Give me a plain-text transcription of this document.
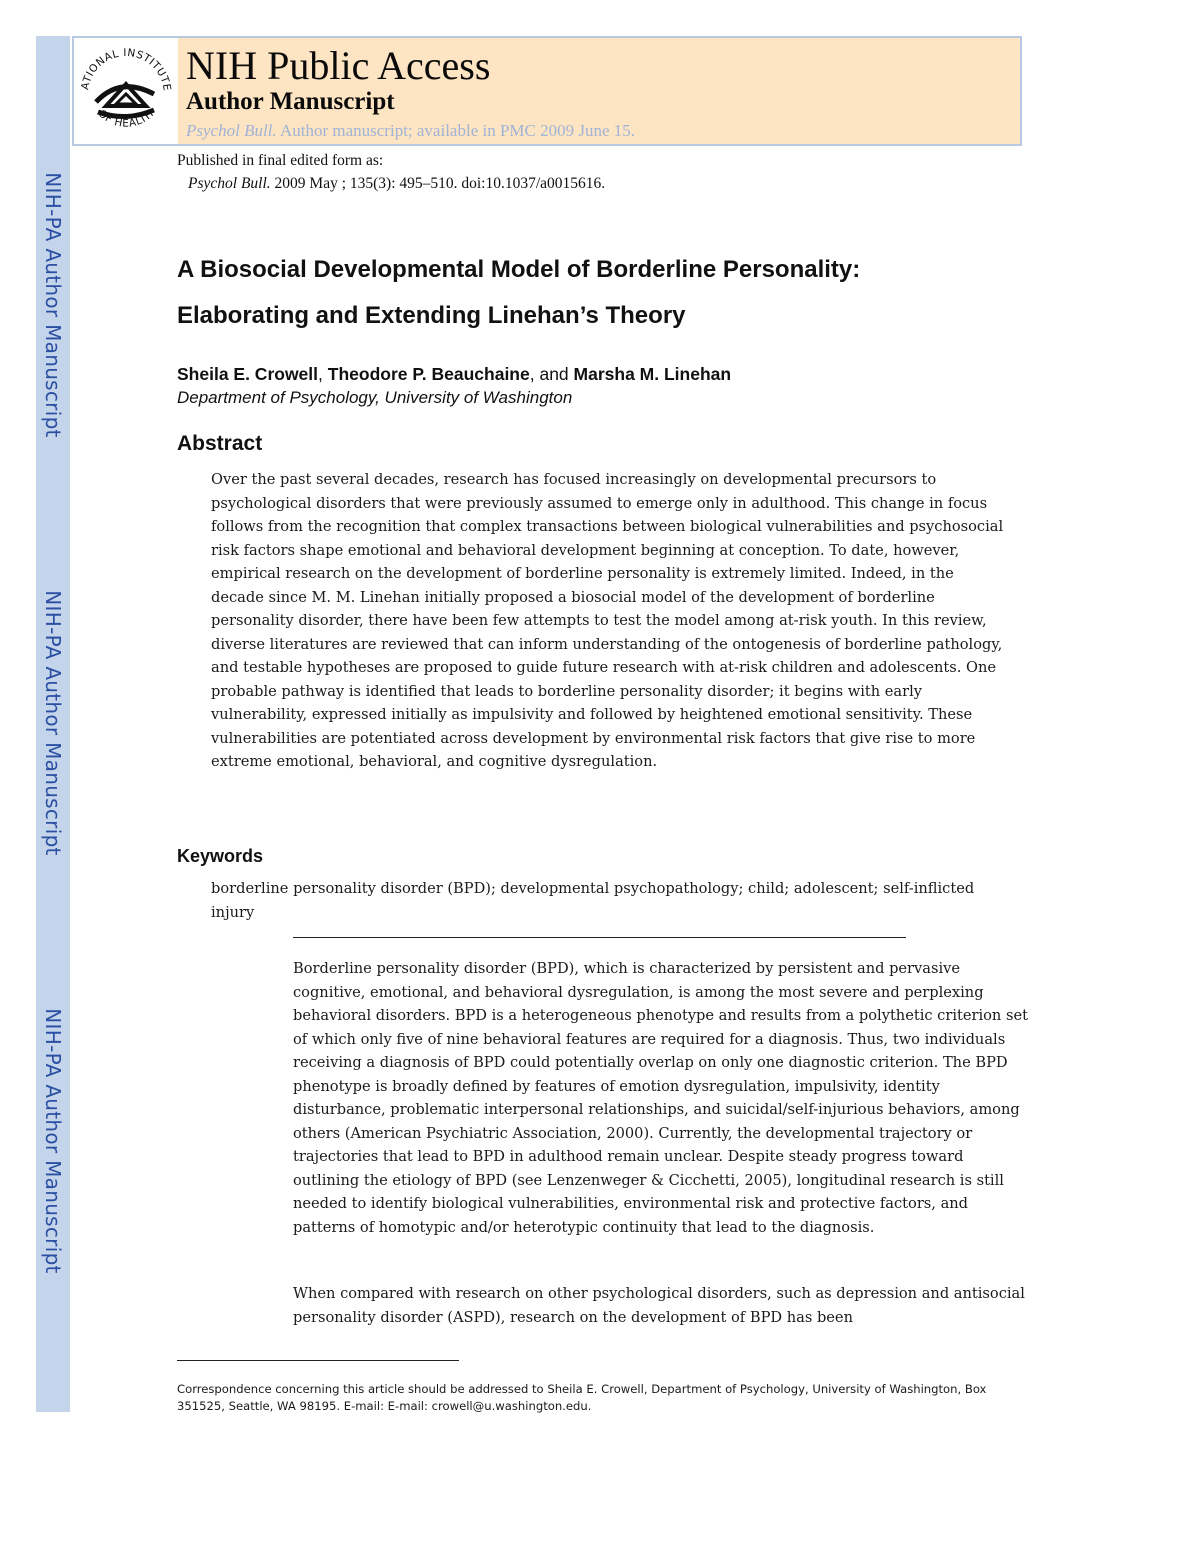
NIH-PA Author Manuscript
NIH-PA Author Manuscript
NIH-PA Author Manuscript
ATIONAL INSTITUTE
OF HEALTH
NIH Public Access
Author Manuscript
Psychol Bull. Author manuscript; available in PMC 2009 June 15.
Published in final edited form as:
Psychol Bull. 2009 May ; 135(3): 495–510. doi:10.1037/a0015616.
A Biosocial Developmental Model of Borderline Personality:
Elaborating and Extending Linehan’s Theory
Sheila E. Crowell, Theodore P. Beauchaine, and Marsha M. Linehan
Department of Psychology, University of Washington
Abstract
Over the past several decades, research has focused increasingly on developmental precursors to psychological disorders that were previously assumed to emerge only in adulthood. This change in focus follows from the recognition that complex transactions between biological vulnerabilities and psychosocial risk factors shape emotional and behavioral development beginning at conception. To date, however, empirical research on the development of borderline personality is extremely limited. Indeed, in the decade since M. M. Linehan initially proposed a biosocial model of the development of borderline personality disorder, there have been few attempts to test the model among at-risk youth. In this review, diverse literatures are reviewed that can inform understanding of the ontogenesis of borderline pathology, and testable hypotheses are proposed to guide future research with at-risk children and adolescents. One probable pathway is identified that leads to borderline personality disorder; it begins with early vulnerability, expressed initially as impulsivity and followed by heightened emotional sensitivity. These vulnerabilities are potentiated across development by environmental risk factors that give rise to more extreme emotional, behavioral, and cognitive dysregulation.
Keywords
borderline personality disorder (BPD); developmental psychopathology; child; adolescent; self-inflicted injury
Borderline personality disorder (BPD), which is characterized by persistent and pervasive cognitive, emotional, and behavioral dysregulation, is among the most severe and perplexing behavioral disorders. BPD is a heterogeneous phenotype and results from a polythetic criterion set of which only five of nine behavioral features are required for a diagnosis. Thus, two individuals receiving a diagnosis of BPD could potentially overlap on only one diagnostic criterion. The BPD phenotype is broadly defined by features of emotion dysregulation, impulsivity, identity disturbance, problematic interpersonal relationships, and suicidal/self-injurious behaviors, among others (American Psychiatric Association, 2000). Currently, the developmental trajectory or trajectories that lead to BPD in adulthood remain unclear. Despite steady progress toward outlining the etiology of BPD (see Lenzenweger & Cicchetti, 2005), longitudinal research is still needed to identify biological vulnerabilities, environmental risk and protective factors, and patterns of homotypic and/or heterotypic continuity that lead to the diagnosis.
When compared with research on other psychological disorders, such as depression and antisocial personality disorder (ASPD), research on the development of BPD has been
Correspondence concerning this article should be addressed to Sheila E. Crowell, Department of Psychology, University of Washington, Box 351525, Seattle, WA 98195. E-mail: E-mail: crowell@u.washington.edu.
